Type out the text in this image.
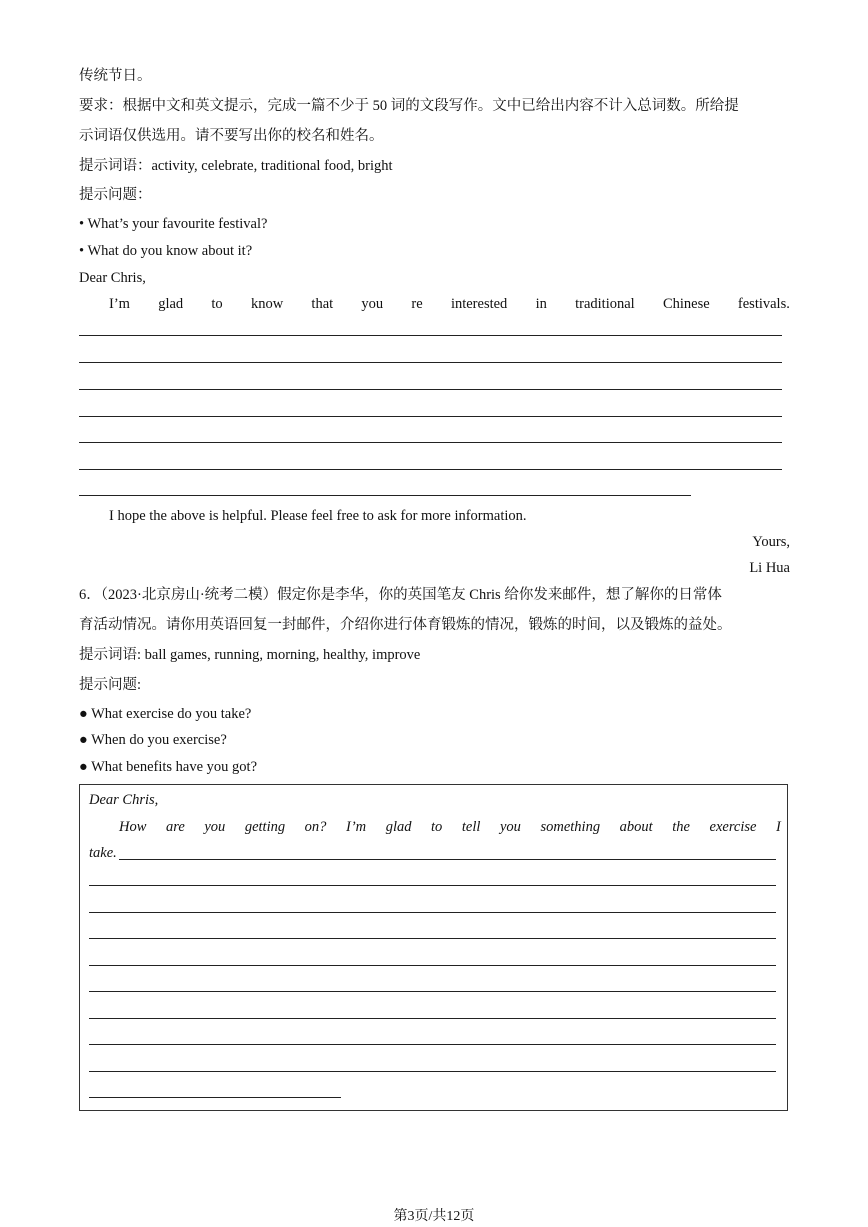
传统节日。
要求：根据中文和英文提示，完成一篇不少于 50 词的文段写作。文中已给出内容不计入总词数。所给提
示词语仅供选用。请不要写出你的校名和姓名。
提示词语：activity, celebrate, traditional food, bright
提示问题：
• What’s your favourite festival?
• What do you know about it?
Dear Chris,
I’m glad to know that you re interested in traditional Chinese festivals.
I hope the above is helpful. Please feel free to ask for more information.
Yours,
Li Hua
6．（2023·北京房山·统考二模）假定你是李华，你的英国笔友 Chris 给你发来邮件，想了解你的日常体
育活动情况。请你用英语回复一封邮件，介绍你进行体育锻炼的情况，锻炼的时间，以及锻炼的益处。
提示词语: ball games, running, morning, healthy, improve
提示问题:
● What exercise do you take?
● When do you exercise?
● What benefits have you got?
Dear Chris,
How are you getting on? I’m glad to tell you something about the exercise I
take.
第3页/共12页
